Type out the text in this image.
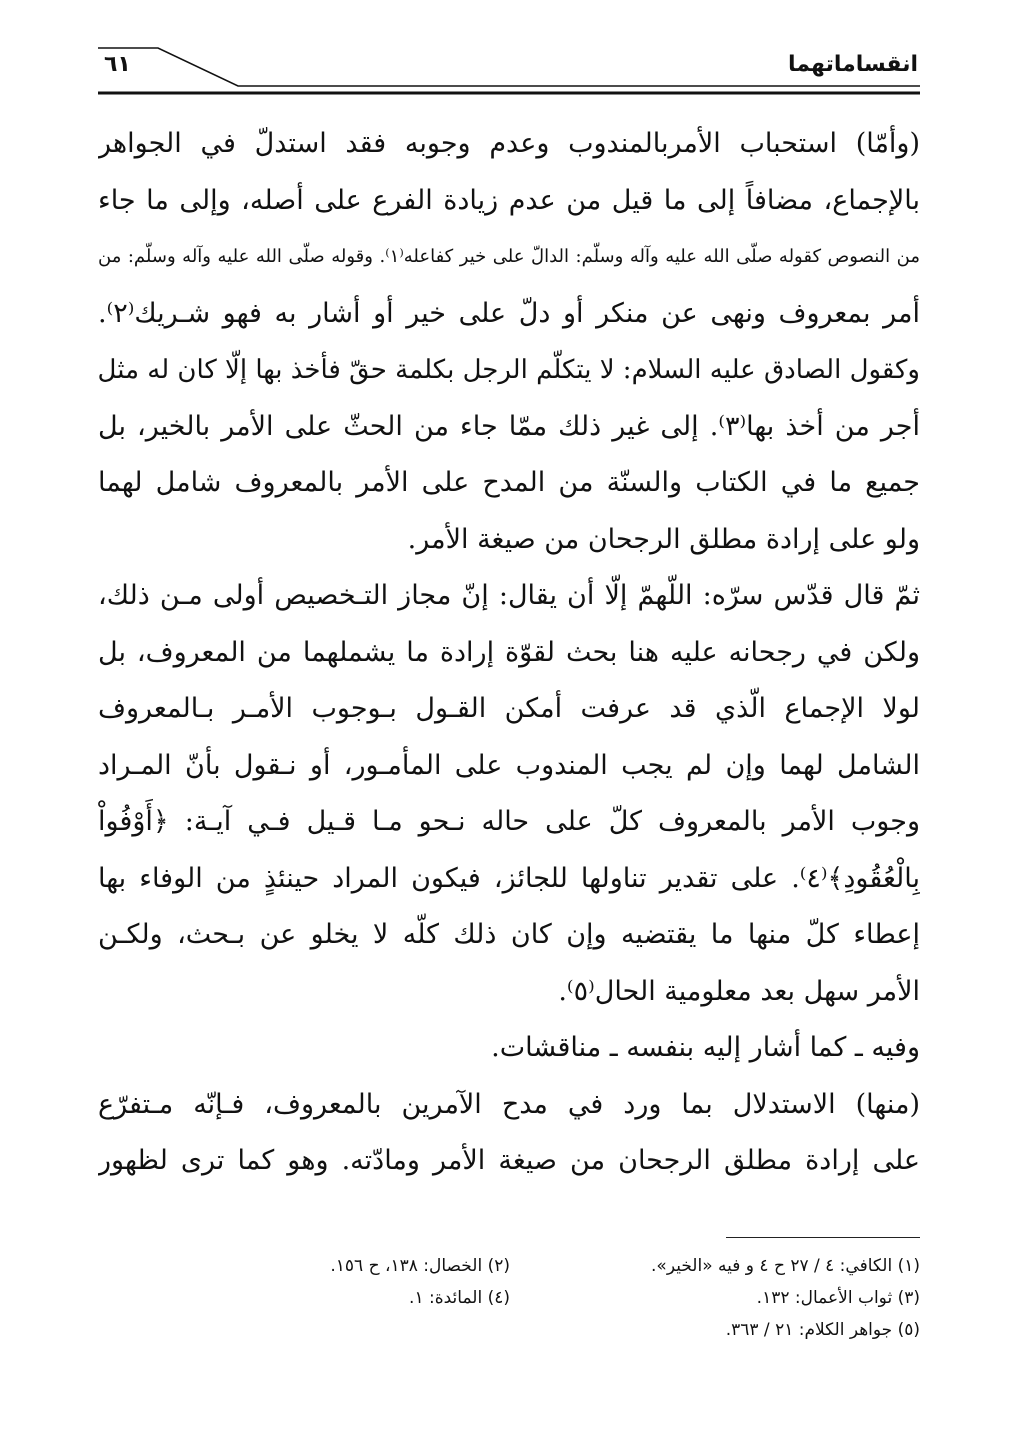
انقساماتهما
٦١
(وأمّا) استحباب الأمربالمندوب وعدم وجوبه فقد استدلّ في الجواهر
بالإجماع، مضافاً إلى ما قيل من عدم زيادة الفرع على أصله، وإلى ما جاء
من النصوص كقوله صلّى الله عليه وآله وسلّم: الدالّ على خير كفاعله⁽١⁾. وقوله صلّى الله عليه وآله وسلّم: من
أمر بمعروف ونهى عن منكر أو دلّ على خير أو أشار به فهو شـريك⁽٢⁾.
وكقول الصادق عليه السلام: لا يتكلّم الرجل بكلمة حقّ فأخذ بها إلّا كان له مثل
أجر من أخذ بها⁽٣⁾. إلى غير ذلك ممّا جاء من الحثّ على الأمر بالخير، بل
جميع ما في الكتاب والسنّة من المدح على الأمر بالمعروف شامل لهما
ولو على إرادة مطلق الرجحان من صيغة الأمر.
ثمّ قال قدّس سرّه: اللّهمّ إلّا أن يقال: إنّ مجاز التـخصيص أولى مـن ذلك،
ولكن في رجحانه عليه هنا بحث لقوّة إرادة ما يشملهما من المعروف، بل
لولا الإجماع الّذي قد عرفت أمكن القـول بـوجوب الأمـر بـالمعروف
الشامل لهما وإن لم يجب المندوب على المأمـور، أو نـقول بأنّ المـراد
وجوب الأمر بالمعروف كلّ على حاله نـحو مـا قـيل فـي آيـة: ﴿أَوْفُواْ
بِالْعُقُودِ﴾⁽٤⁾. على تقدير تناولها للجائز، فيكون المراد حينئذٍ من الوفاء بها
إعطاء كلّ منها ما يقتضيه وإن كان ذلك كلّه لا يخلو عن بـحث، ولكـن
الأمر سهل بعد معلومية الحال⁽٥⁾.
وفيه ـ كما أشار إليه بنفسه ـ مناقشات.
(منها) الاستدلال بما ورد في مدح الآمرين بالمعروف، فـإنّه مـتفرّع
على إرادة مطلق الرجحان من صيغة الأمر ومادّته. وهو كما ترى لظهور
(١) الكافي: ٤ / ٢٧ ح ٤ و فيه «الخير».
(٢) الخصال: ١٣٨، ح ١٥٦.
(٣) ثواب الأعمال: ١٣٢.
(٤) المائدة: ١.
(٥) جواهر الكلام: ٢١ / ٣٦٣.
